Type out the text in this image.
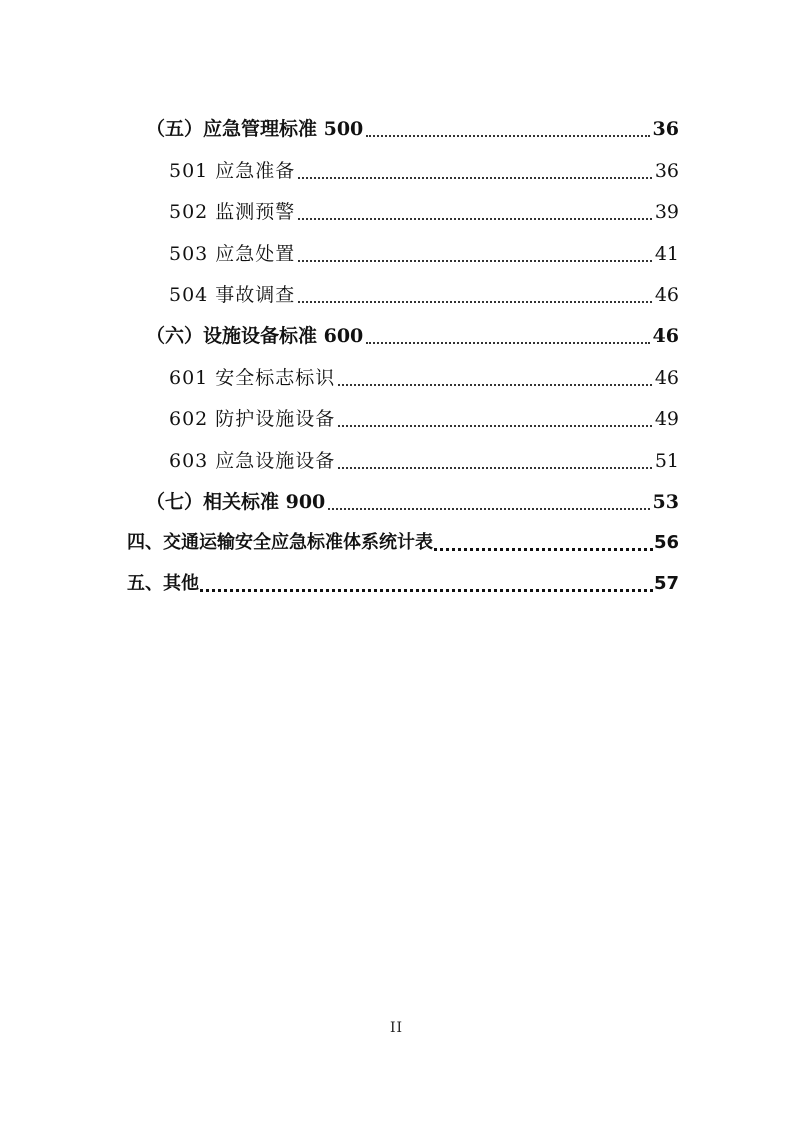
（五）应急管理标准 500	36
501 应急准备	36
502 监测预警	39
503 应急处置	41
504 事故调查	46
（六）设施设备标准 600	46
601 安全标志标识	46
602 防护设施设备	49
603 应急设施设备	51
（七）相关标准 900	53
四、交通运输安全应急标准体系统计表	56
五、其他	57
II
